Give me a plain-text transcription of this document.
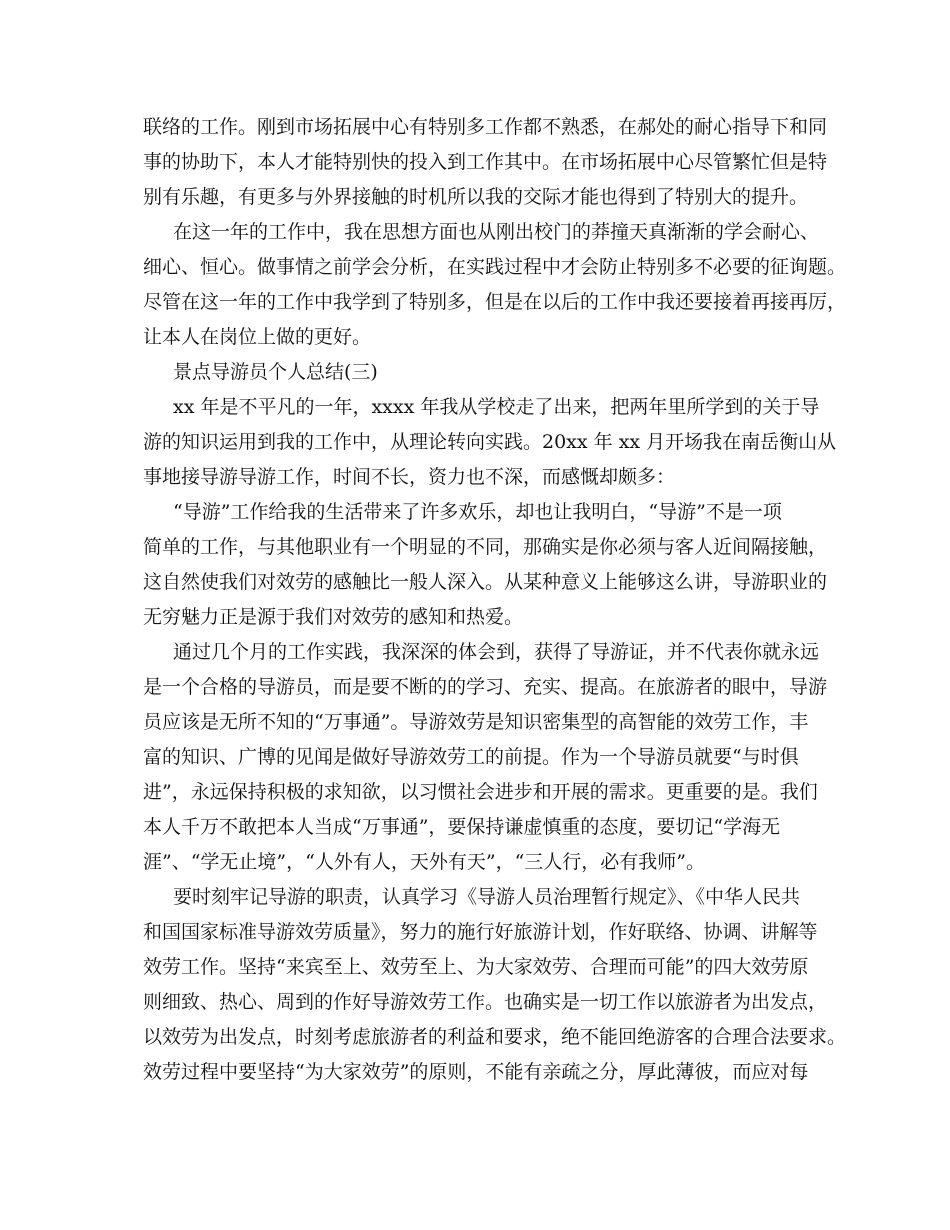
联络的工作。刚到市场拓展中心有特别多工作都不熟悉，在郝处的耐心指导下和同
事的协助下，本人才能特别快的投入到工作其中。在市场拓展中心尽管繁忙但是特
别有乐趣，有更多与外界接触的时机所以我的交际才能也得到了特别大的提升。
在这一年的工作中，我在思想方面也从刚出校门的莽撞天真渐渐的学会耐心、
细心、恒心。做事情之前学会分析，在实践过程中才会防止特别多不必要的征询题。
尽管在这一年的工作中我学到了特别多，但是在以后的工作中我还要接着再接再厉，
让本人在岗位上做的更好。
景点导游员个人总结(三)
xx 年是不平凡的一年，xxxx 年我从学校走了出来，把两年里所学到的关于导
游的知识运用到我的工作中，从理论转向实践。20xx 年 xx 月开场我在南岳衡山从
事地接导游导游工作，时间不长，资力也不深，而感慨却颇多：
“导游”工作给我的生活带来了许多欢乐，却也让我明白，“导游”不是一项
简单的工作，与其他职业有一个明显的不同，那确实是你必须与客人近间隔接触，
这自然使我们对效劳的感触比一般人深入。从某种意义上能够这么讲，导游职业的
无穷魅力正是源于我们对效劳的感知和热爱。
通过几个月的工作实践，我深深的体会到，获得了导游证，并不代表你就永远
是一个合格的导游员，而是要不断的的学习、充实、提高。在旅游者的眼中，导游
员应该是无所不知的“万事通”。导游效劳是知识密集型的高智能的效劳工作，丰
富的知识、广博的见闻是做好导游效劳工的前提。作为一个导游员就要“与时俱
进”，永远保持积极的求知欲，以习惯社会进步和开展的需求。更重要的是。我们
本人千万不敢把本人当成“万事通”，要保持谦虚慎重的态度，要切记“学海无
涯”、“学无止境”，“人外有人，天外有天”，“三人行，必有我师”。
要时刻牢记导游的职责，认真学习《导游人员治理暂行规定》、《中华人民共
和国国家标准导游效劳质量》，努力的施行好旅游计划，作好联络、协调、讲解等
效劳工作。坚持“来宾至上、效劳至上、为大家效劳、合理而可能”的四大效劳原
则细致、热心、周到的作好导游效劳工作。也确实是一切工作以旅游者为出发点，
以效劳为出发点，时刻考虑旅游者的利益和要求，绝不能回绝游客的合理合法要求。
效劳过程中要坚持“为大家效劳”的原则，不能有亲疏之分，厚此薄彼，而应对每
